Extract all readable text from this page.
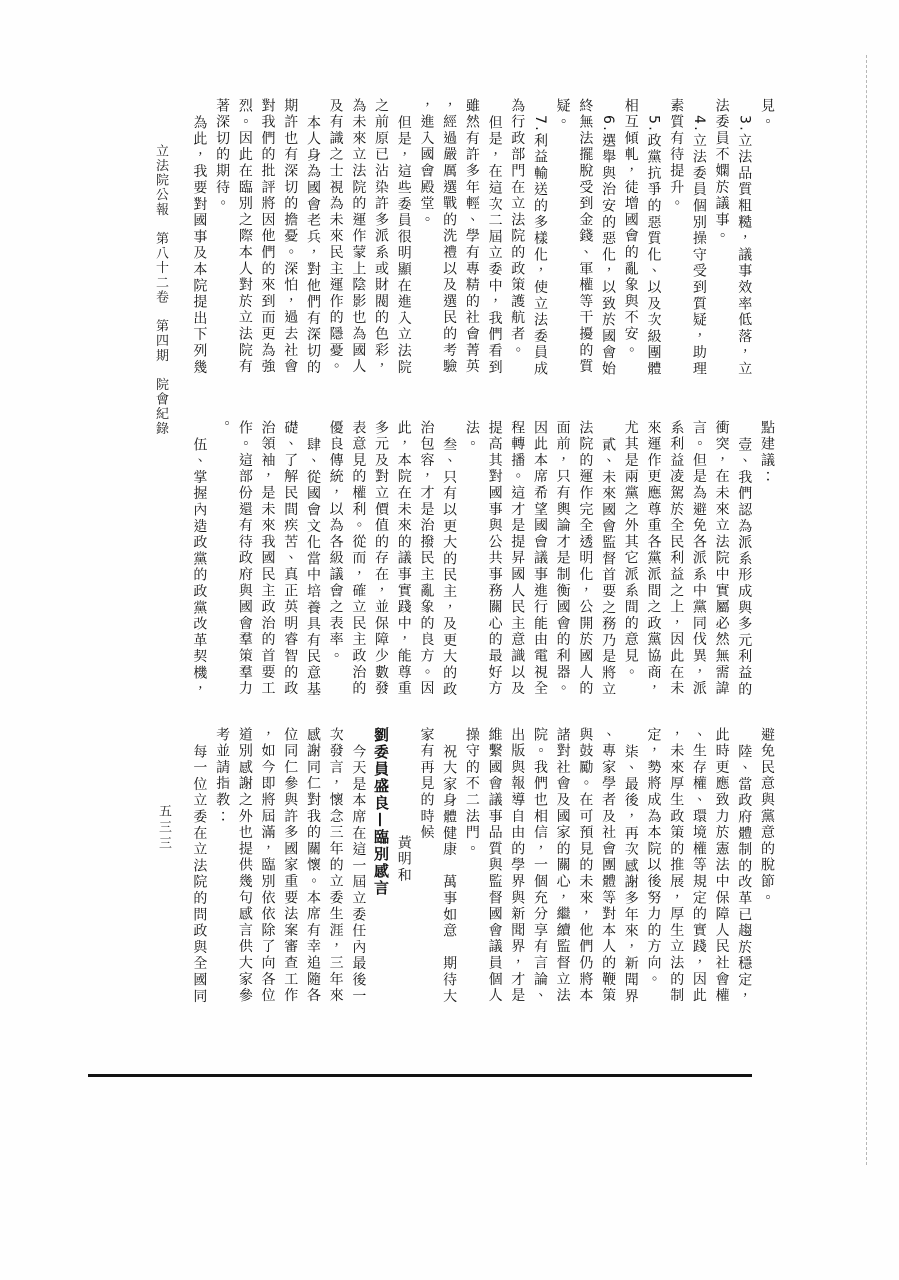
立法院公報　第八十二卷　第四期　院會紀錄
五三三
見。
3.立法品質粗糙，議事效率低落，立
法委員不嫻於議事。
4.立法委員個別操守受到質疑，助理
素質有待提升。
5.政黨抗爭的惡質化、以及次級團體
相互傾軋，徒增國會的亂象與不安。
6.選舉與治安的惡化，以致於國會始
終無法擺脫受到金錢、軍權等干擾的質
疑。
7.利益輸送的多樣化，使立法委員成
為行政部門在立法院的政策護航者。
但是，在這次二屆立委中，我們看到
雖然有許多年輕、學有專精的社會菁英
，經過嚴厲選戰的洗禮以及選民的考驗
，進入國會殿堂。
但是，這些委員很明顯在進入立法院
之前原已沾染許多派系或財閥的色彩，
為未來立法院的運作蒙上陰影也為國人
及有識之士視為未來民主運作的隱憂。
本人身為國會老兵，對他們有深切的
期許也有深切的擔憂。深怕，過去社會
對我們的批評將因他們的來到而更為強
烈。因此在臨別之際本人對於立法院有
著深切的期待。
為此，我要對國事及本院提出下列幾
點建議：
壹、我們認為派系形成與多元利益的
衝突，在未來立法院中實屬必然無需諱
言。但是為避免各派系中黨同伐異，派
系利益凌駕於全民利益之上，因此在未
來運作更應尊重各黨派間之政黨協商，
尤其是兩黨之外其它派系間的意見。
貳、未來國會監督首要之務乃是將立
法院的運作完全透明化，公開於國人的
面前，只有輿論才是制衡國會的利器。
因此本席希望國會議事進行能由電視全
程轉播。這才是提昇國人民主意識以及
提高其對國事與公共事務關心的最好方
法。
叁、只有以更大的民主，及更大的政
治包容，才是治撥民主亂象的良方。因
此，本院在未來的議事實踐中，能尊重
多元及對立價值的存在，並保障少數發
表意見的權利。從而，確立民主政治的
優良傳統，以為各級議會之表率。
肆、從國會文化當中培養具有民意基
礎、了解民間疾苦、真正英明睿智的政
治領袖，是未來我國民主政治的首要工
作。這部份還有待政府與國會羣策羣力
。
伍、掌握內造政黨的政黨改革契機，
避免民意與黨意的脫節。
陸、當政府體制的改革已趨於穩定，
此時更應致力於憲法中保障人民社會權
、生存權、環境權等規定的實踐，因此
，未來厚生政策的推展，厚生立法的制
定，勢將成為本院以後努力的方向。
柒、最後，再次感謝多年來，新聞界
、專家學者及社會團體等對本人的鞭策
與鼓勵。在可預見的未來，他們仍將本
諸對社會及國家的關心，繼續監督立法
院。我們也相信，一個充分享有言論、
出版與報導自由的學界與新聞界，才是
維繫國會議事品質與監督國會議員個人
操守的不二法門。
祝大家身體健康　萬事如意　期待大
家有再見的時候
黃明和
劉委員盛良—臨別感言
今天是本席在這一屆立委任內最後一
次發言，懷念三年的立委生涯，三年來
感謝同仁對我的關懷。本席有幸追隨各
位同仁參與許多國家重要法案審查工作
，如今即將屆滿，臨別依依除了向各位
道別感謝之外也提供幾句感言供大家參
考並請指教：
每一位立委在立法院的問政與全國同
